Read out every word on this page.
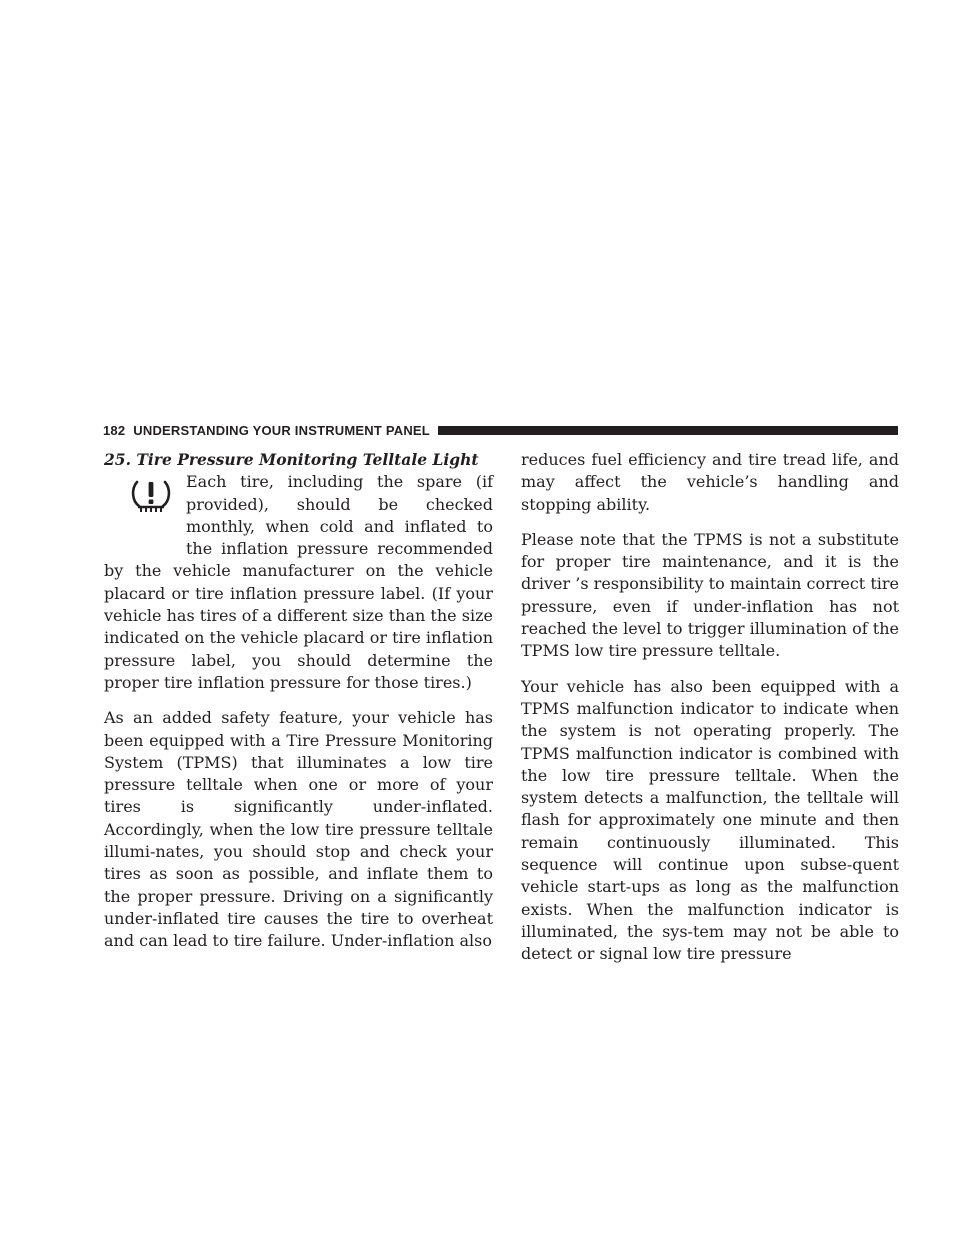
182 UNDERSTANDING YOUR INSTRUMENT PANEL
25. Tire Pressure Monitoring Telltale Light

Each tire, including the spare (if provided), should be checked monthly, when cold and inflated to the inflation pressure recommended by the vehicle manufacturer on the vehicle placard or tire inflation pressure label. (If your vehicle has tires of a different size than the size indicated on the vehicle placard or tire inflation pressure label, you should determine the proper tire inflation pressure for those tires.)

As an added safety feature, your vehicle has been equipped with a Tire Pressure Monitoring System (TPMS) that illuminates a low tire pressure telltale when one or more of your tires is significantly under-inflated. Accordingly, when the low tire pressure telltale illumi-nates, you should stop and check your tires as soon as possible, and inflate them to the proper pressure. Driving on a significantly under-inflated tire causes the tire to overheat and can lead to tire failure. Under-inflation also

reduces fuel efficiency and tire tread life, and may affect the vehicle’s handling and stopping ability.

Please note that the TPMS is not a substitute for proper tire maintenance, and it is the driver ’s responsibility to maintain correct tire pressure, even if under-inflation has not reached the level to trigger illumination of the TPMS low tire pressure telltale.

Your vehicle has also been equipped with a TPMS malfunction indicator to indicate when the system is not operating properly. The TPMS malfunction indicator is combined with the low tire pressure telltale. When the system detects a malfunction, the telltale will flash for approximately one minute and then remain continuously illuminated. This sequence will continue upon subse-quent vehicle start-ups as long as the malfunction exists. When the malfunction indicator is illuminated, the sys-tem may not be able to detect or signal low tire pressure
